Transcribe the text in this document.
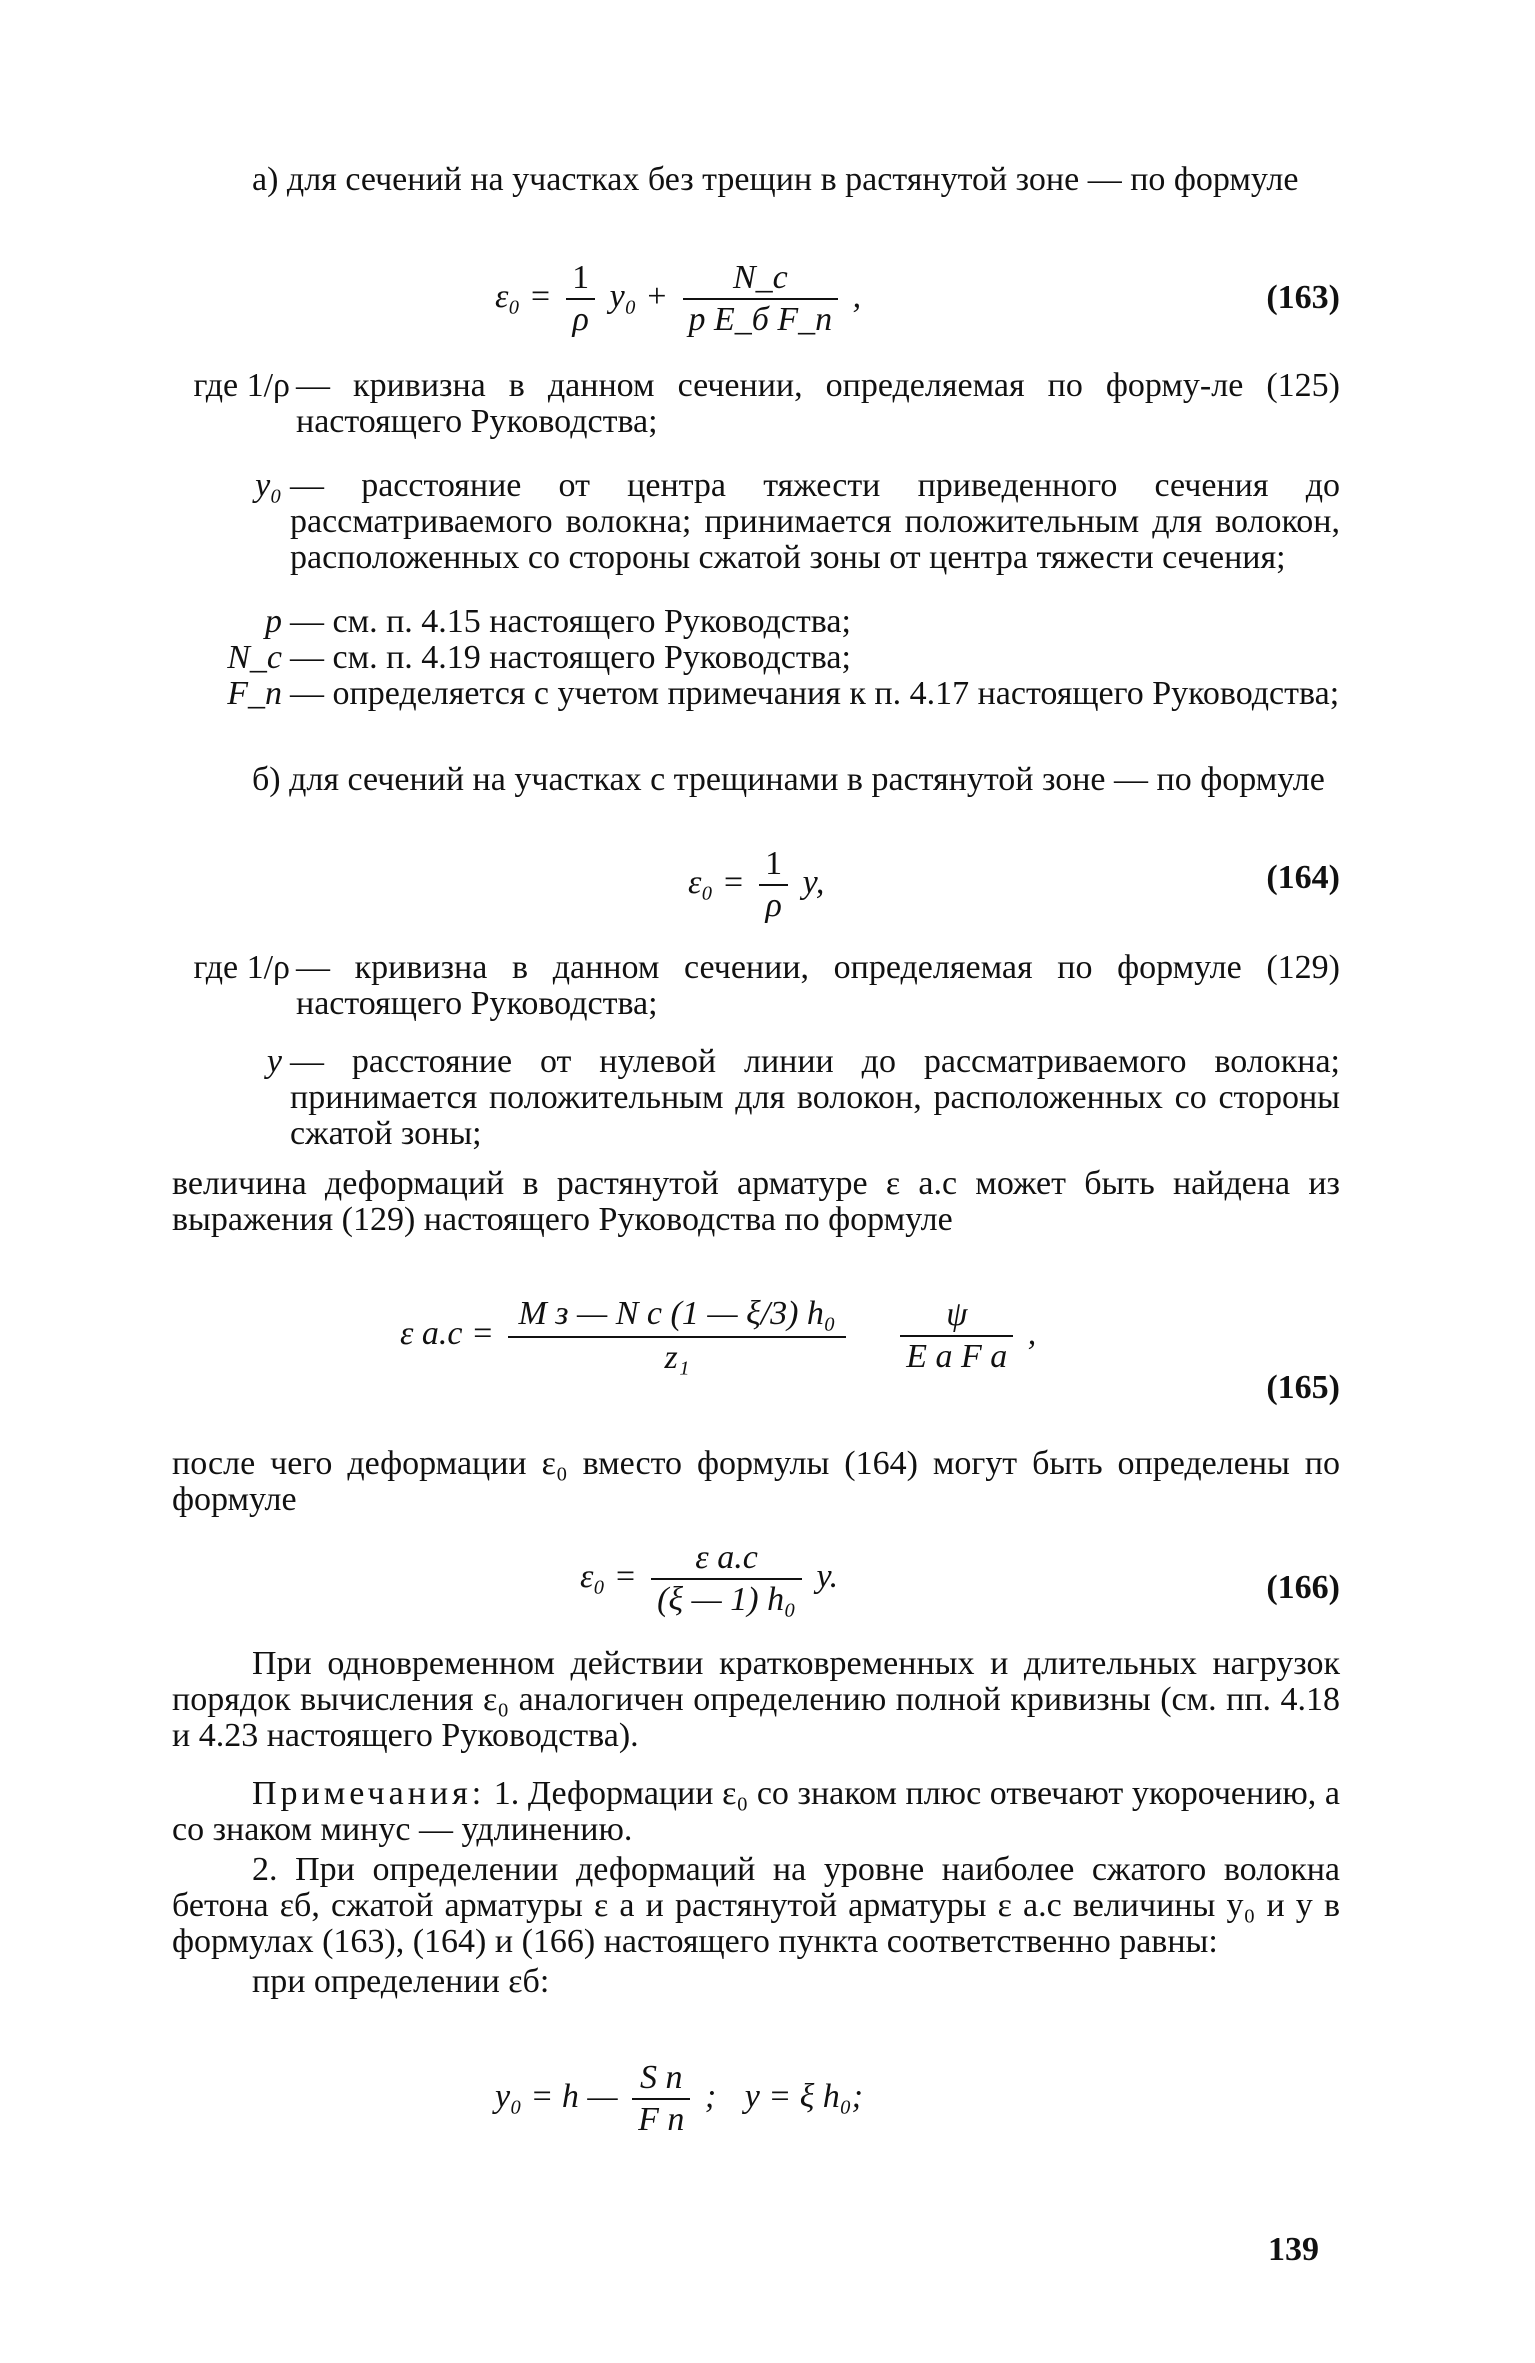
а) для сечений на участках без трещин в растянутой зоне — по формуле

$\varepsilon_0 = \frac{1}{\rho} y_0 + \frac{N\_c}{\text{p E\_б F\_п}}$ ,	(163)
где 1/ρ — кривизна в данном сечении, определяемая по форму-ле (125) настоящего Руководства;
y₀ — расстояние от центра тяжести приведенного сечения до рассматриваемого волокна; принимается положительным для волокон, расположенных со стороны сжатой зоны от центра тяжести сечения;
p — см. п. 4.15 настоящего Руководства;
N_c — см. п. 4.19 настоящего Руководства;
F_п — определяется с учетом примечания к п. 4.17 настоящего Руководства;

б) для сечений на участках с трещинами в растянутой зоне — по формуле

$\varepsilon_0 = \frac{1}{\rho} y$,	(164)
где 1/ρ — кривизна в данном сечении, определяемая по формуле (129) настоящего Руководства;
y — расстояние от нулевой линии до рассматриваемого волокна; принимается положительным для волокон, расположенных со стороны сжатой зоны;

величина деформаций в растянутой арматуре ε а.с может быть найдена из выражения (129) настоящего Руководства по формуле

ε $а.с = \frac{\text{M з — N c (1 — ξ/3) h₀}}{\text{z₁}}$
$\frac{\psi}{\text{E а F а}}$ ,
(165)

после чего деформации ε₀ вместо формулы (164) могут быть определены по формуле

$\varepsilon_0 = \frac{\text{ε а.с}}{\text{(ξ — 1) h₀}} y$.	(166)

При одновременном действии кратковременных и длительных нагрузок порядок вычисления ε₀ аналогичен определению полной кривизны (см. пп. 4.18 и 4.23 настоящего Руководства).

Примечания: 1. Деформации ε₀ со знаком плюс отвечают укорочению, а со знаком минус — удлинению.

2. При определении деформаций на уровне наиболее сжатого волокна бетона εб, сжатой арматуры ε а и растянутой арматуры ε а.с величины y₀ и y в формулах (163), (164) и (166) настоящего пункта соответственно равны:

при определении εб:

y₀ = h — $\frac{\text{S п}}{\text{F п}}$ ; y = ξ h₀;
139
